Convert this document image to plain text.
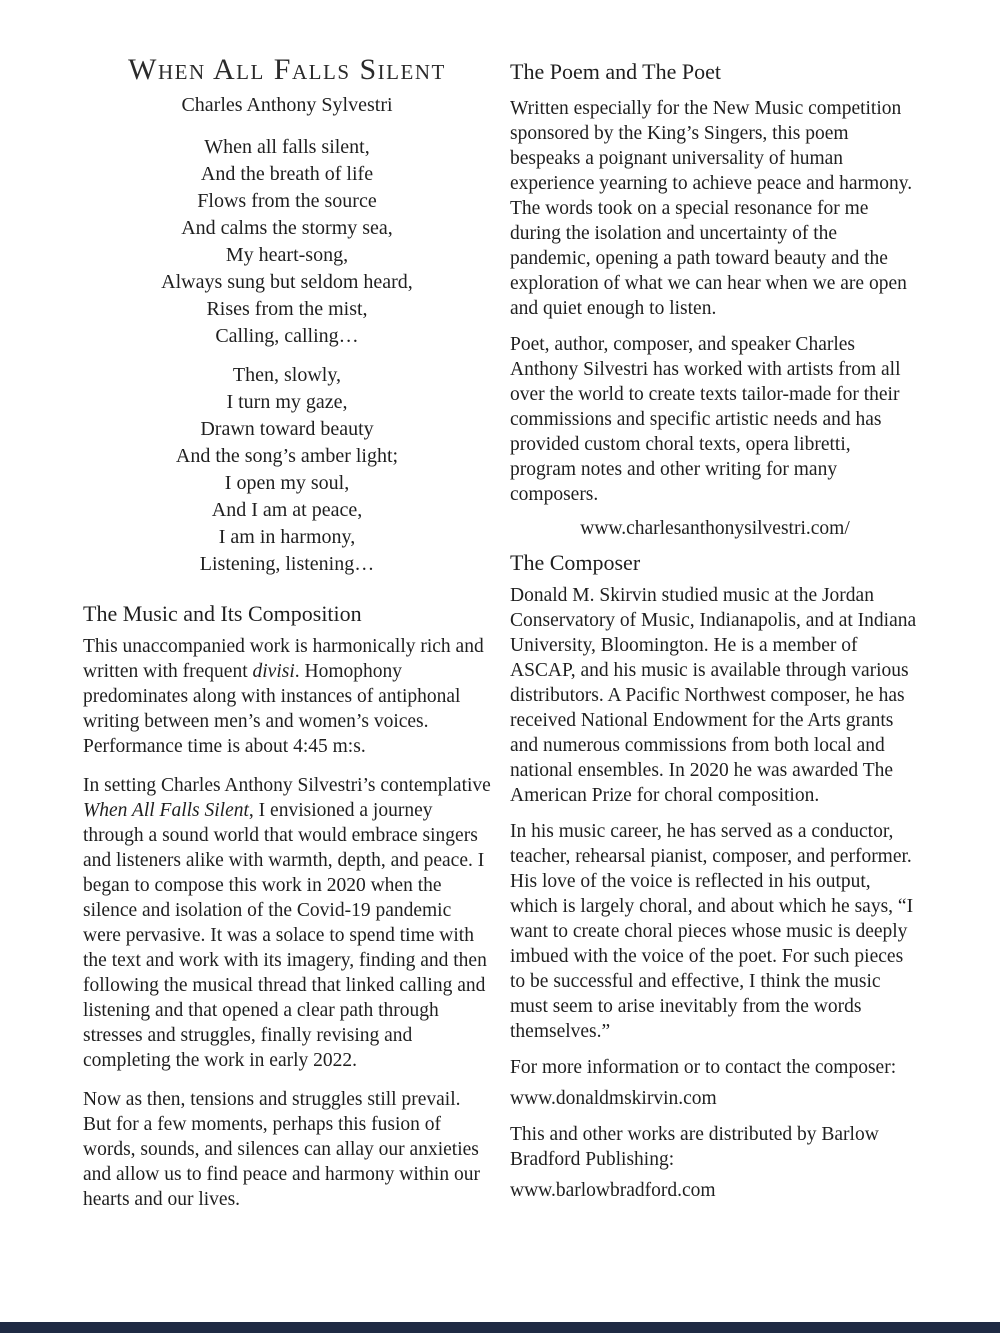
When All Falls Silent
Charles Anthony Sylvestri
When all falls silent,
And the breath of life
Flows from the source
And calms the stormy sea,
My heart-song,
Always sung but seldom heard,
Rises from the mist,
Calling, calling…
Then, slowly,
I turn my gaze,
Drawn toward beauty
And the song’s amber light;
I open my soul,
And I am at peace,
I am in harmony,
Listening, listening…
The Music and Its Composition

This unaccompanied work is harmonically rich and written with frequent divisi. Homophony predominates along with instances of antiphonal writing between men’s and women’s voices. Performance time is about 4:45 m:s.

In setting Charles Anthony Silvestri’s contemplative When All Falls Silent, I envisioned a journey through a sound world that would embrace singers and listeners alike with warmth, depth, and peace. I began to compose this work in 2020 when the silence and isolation of the Covid-19 pandemic were pervasive. It was a solace to spend time with the text and work with its imagery, finding and then following the musical thread that linked calling and listening and that opened a clear path through stresses and struggles, finally revising and completing the work in early 2022.

Now as then, tensions and struggles still prevail. But for a few moments, perhaps this fusion of words, sounds, and silences can allay our anxieties and allow us to find peace and harmony within our hearts and our lives.

The Poem and The Poet

Written especially for the New Music competition sponsored by the King’s Singers, this poem bespeaks a poignant universality of human experience yearning to achieve peace and harmony. The words took on a special resonance for me during the isolation and uncertainty of the pandemic, opening a path toward beauty and the exploration of what we can hear when we are open and quiet enough to listen.

Poet, author, composer, and speaker Charles Anthony Silvestri has worked with artists from all over the world to create texts tailor-made for their commissions and specific artistic needs and has provided custom choral texts, opera libretti, program notes and other writing for many composers.

www.charlesanthonysilvestri.com/
The Composer

Donald M. Skirvin studied music at the Jordan Conservatory of Music, Indianapolis, and at Indiana University, Bloomington. He is a member of ASCAP, and his music is available through various distributors. A Pacific Northwest composer, he has received National Endowment for the Arts grants and numerous commissions from both local and national ensembles. In 2020 he was awarded The American Prize for choral composition.

In his music career, he has served as a conductor, teacher, rehearsal pianist, composer, and performer. His love of the voice is reflected in his output, which is largely choral, and about which he says, “I want to create choral pieces whose music is deeply imbued with the voice of the poet. For such pieces to be successful and effective, I think the music must seem to arise inevitably from the words themselves.”

For more information or to contact the composer:

www.donaldmskirvin.com

This and other works are distributed by Barlow Bradford Publishing:

www.barlowbradford.com
